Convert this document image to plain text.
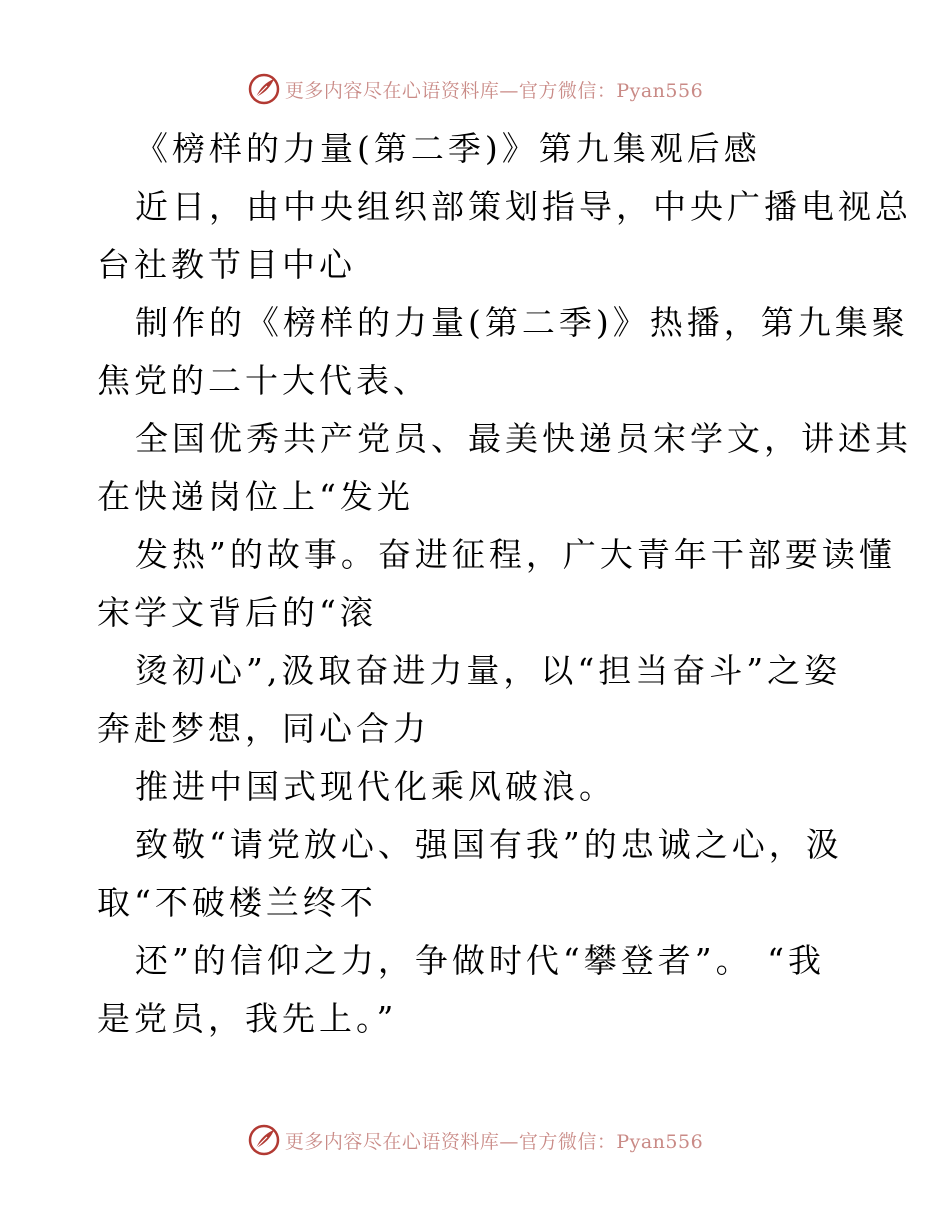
更多内容尽在心语资料库—官方微信：Pyan556
《榜样的力量(第二季)》第九集观后感
近日，由中央组织部策划指导，中央广播电视总
台社教节目中心
制作的《榜样的力量(第二季)》热播，第九集聚
焦党的二十大代表、
全国优秀共产党员、最美快递员宋学文，讲述其
在快递岗位上“发光
发热”的故事。奋进征程，广大青年干部要读懂
宋学文背后的“滚
烫初心”,汲取奋进力量，以“担当奋斗”之姿
奔赴梦想，同心合力
推进中国式现代化乘风破浪。
致敬“请党放心、强国有我”的忠诚之心，汲
取“不破楼兰终不
还”的信仰之力，争做时代“攀登者”。 “我
是党员，我先上。”
更多内容尽在心语资料库—官方微信：Pyan556
